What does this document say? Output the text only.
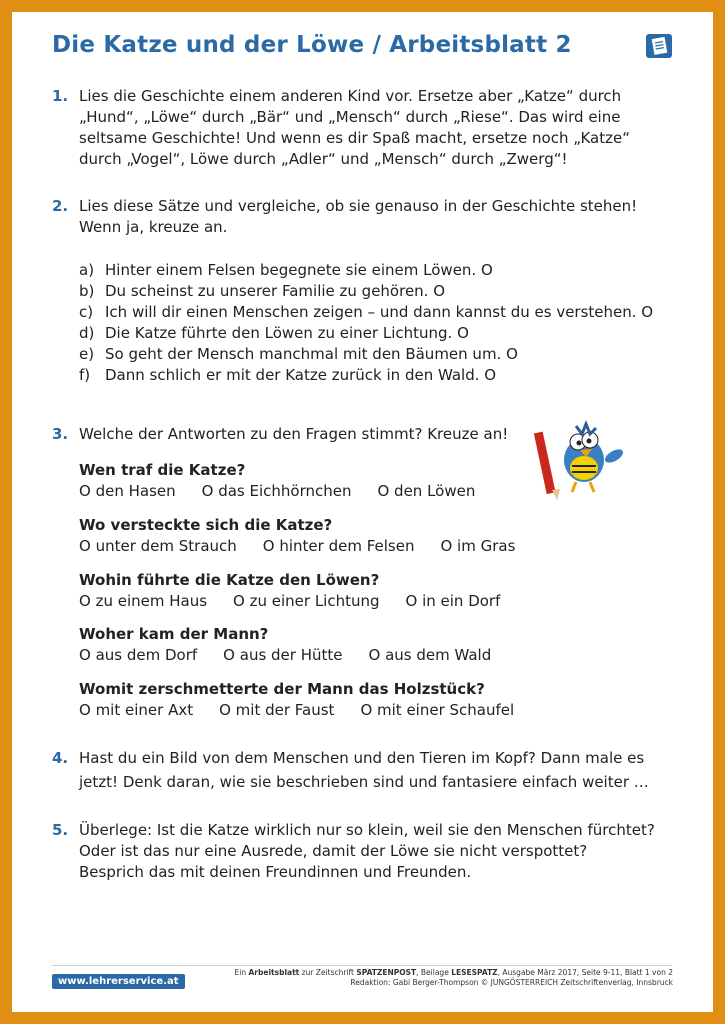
Die Katze und der Löwe / Arbeitsblatt 2
1. Lies die Geschichte einem anderen Kind vor. Ersetze aber „Katze“ durch
„Hund“, „Löwe“ durch „Bär“ und „Mensch“ durch „Riese“. Das wird eine
seltsame Geschichte! Und wenn es dir Spaß macht, ersetze noch „Katze“
durch „Vogel“, Löwe durch „Adler“ und „Mensch“ durch „Zwerg“!
2. Lies diese Sätze und vergleiche, ob sie genauso in der Geschichte stehen!
Wenn ja, kreuze an.
a) Hinter einem Felsen begegnete sie einem Löwen. O
b) Du scheinst zu unserer Familie zu gehören. O
c) Ich will dir einen Menschen zeigen – und dann kannst du es verstehen. O
d) Die Katze führte den Löwen zu einer Lichtung. O
e) So geht der Mensch manchmal mit den Bäumen um. O
f) Dann schlich er mit der Katze zurück in den Wald. O
3. Welche der Antworten zu den Fragen stimmt? Kreuze an!
Wen traf die Katze?
O den Hasen O das Eichhörnchen O den Löwen
Wo versteckte sich die Katze?
O unter dem Strauch O hinter dem Felsen O im Gras
Wohin führte die Katze den Löwen?
O zu einem Haus O zu einer Lichtung O in ein Dorf
Woher kam der Mann?
O aus dem Dorf O aus der Hütte O aus dem Wald
Womit zerschmetterte der Mann das Holzstück?
O mit einer Axt O mit der Faust O mit einer Schaufel
4. Hast du ein Bild von dem Menschen und den Tieren im Kopf? Dann male es
jetzt! Denk daran, wie sie beschrieben sind und fantasiere einfach weiter …
5. Überlege: Ist die Katze wirklich nur so klein, weil sie den Menschen fürchtet?
Oder ist das nur eine Ausrede, damit der Löwe sie nicht verspottet?
Besprich das mit deinen Freundinnen und Freunden.
www.lehrerservice.at
Ein Arbeitsblatt zur Zeitschrift SPATZENPOST, Beilage LESESPATZ, Ausgabe März 2017, Seite 9-11, Blatt 1 von 2
Redaktion: Gabi Berger-Thompson © JUNGÖSTERREICH Zeitschriftenverlag, Innsbruck
